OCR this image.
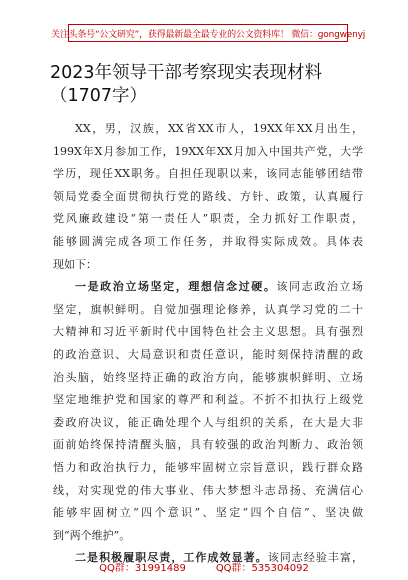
关注头条号“公文研究”，获得最新最全最专业的公文资料库！ 微信：gongwenyj
2023年领导干部考察现实表现材料（1707字）
XX，男，汉族，XX省XX市人，19XX年XX月出生，
199X年X月参加工作，19XX年XX月加入中国共产党，大学
学历，现任XX职务。自担任现职以来，该同志能够团结带
领局党委全面贯彻执行党的路线、方针、政策，认真履行
党风廉政建设“第一责任人”职责，全力抓好工作职责，
能够圆满完成各项工作任务，并取得实际成效。具体表
现如下：
一是政治立场坚定，理想信念过硬。该同志政治立场
坚定，旗帜鲜明。自觉加强理论修养，认真学习党的二十
大精神和习近平新时代中国特色社会主义思想。具有强烈
的政治意识、大局意识和责任意识，能时刻保持清醒的政
治头脑，始终坚持正确的政治方向，能够旗帜鲜明、立场
坚定地维护党和国家的尊严和利益。不折不扣执行上级党
委政府决议，能正确处理个人与组织的关系，在大是大非
面前始终保持清醒头脑，具有较强的政治判断力、政治领
悟力和政治执行力，能够牢固树立宗旨意识，践行群众路
线，对实现党的伟大事业、伟大梦想斗志昂扬、充满信心
能够牢固树立“四个意识”、坚定“四个自信”、坚决做
到“两个维护”。
二是积极履职尽责，工作成效显著。该同志经验丰富，
QQ群：31991489	QQ群：535304092
